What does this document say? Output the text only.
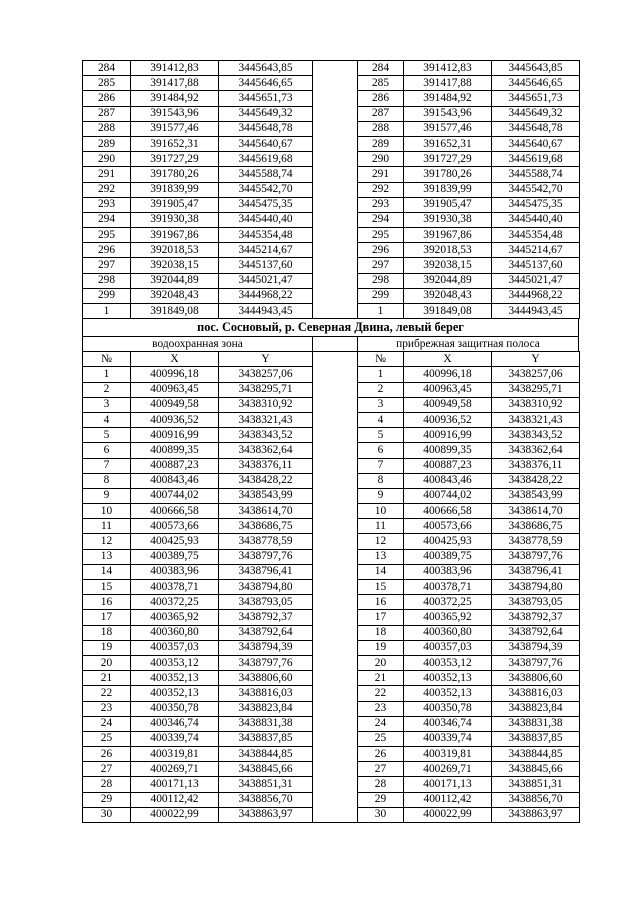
284	391412,83	3445643,85		284	391412,83	3445643,85
285	391417,88	3445646,65		285	391417,88	3445646,65
286	391484,92	3445651,73		286	391484,92	3445651,73
287	391543,96	3445649,32		287	391543,96	3445649,32
288	391577,46	3445648,78		288	391577,46	3445648,78
289	391652,31	3445640,67		289	391652,31	3445640,67
290	391727,29	3445619,68		290	391727,29	3445619,68
291	391780,26	3445588,74		291	391780,26	3445588,74
292	391839,99	3445542,70		292	391839,99	3445542,70
293	391905,47	3445475,35		293	391905,47	3445475,35
294	391930,38	3445440,40		294	391930,38	3445440,40
295	391967,86	3445354,48		295	391967,86	3445354,48
296	392018,53	3445214,67		296	392018,53	3445214,67
297	392038,15	3445137,60		297	392038,15	3445137,60
298	392044,89	3445021,47		298	392044,89	3445021,47
299	392048,43	3444968,22		299	392048,43	3444968,22
1	391849,08	3444943,45		1	391849,08	3444943,45
пос. Сосновый, р. Северная Двина, левый берег
водоохранная зона	прибрежная защитная полоса
№	X	Y		№	X	Y
1	400996,18	3438257,06		1	400996,18	3438257,06
2	400963,45	3438295,71		2	400963,45	3438295,71
3	400949,58	3438310,92		3	400949,58	3438310,92
4	400936,52	3438321,43		4	400936,52	3438321,43
5	400916,99	3438343,52		5	400916,99	3438343,52
6	400899,35	3438362,64		6	400899,35	3438362,64
7	400887,23	3438376,11		7	400887,23	3438376,11
8	400843,46	3438428,22		8	400843,46	3438428,22
9	400744,02	3438543,99		9	400744,02	3438543,99
10	400666,58	3438614,70		10	400666,58	3438614,70
11	400573,66	3438686,75		11	400573,66	3438686,75
12	400425,93	3438778,59		12	400425,93	3438778,59
13	400389,75	3438797,76		13	400389,75	3438797,76
14	400383,96	3438796,41		14	400383,96	3438796,41
15	400378,71	3438794,80		15	400378,71	3438794,80
16	400372,25	3438793,05		16	400372,25	3438793,05
17	400365,92	3438792,37		17	400365,92	3438792,37
18	400360,80	3438792,64		18	400360,80	3438792,64
19	400357,03	3438794,39		19	400357,03	3438794,39
20	400353,12	3438797,76		20	400353,12	3438797,76
21	400352,13	3438806,60		21	400352,13	3438806,60
22	400352,13	3438816,03		22	400352,13	3438816,03
23	400350,78	3438823,84		23	400350,78	3438823,84
24	400346,74	3438831,38		24	400346,74	3438831,38
25	400339,74	3438837,85		25	400339,74	3438837,85
26	400319,81	3438844,85		26	400319,81	3438844,85
27	400269,71	3438845,66		27	400269,71	3438845,66
28	400171,13	3438851,31		28	400171,13	3438851,31
29	400112,42	3438856,70		29	400112,42	3438856,70
30	400022,99	3438863,97		30	400022,99	3438863,97
